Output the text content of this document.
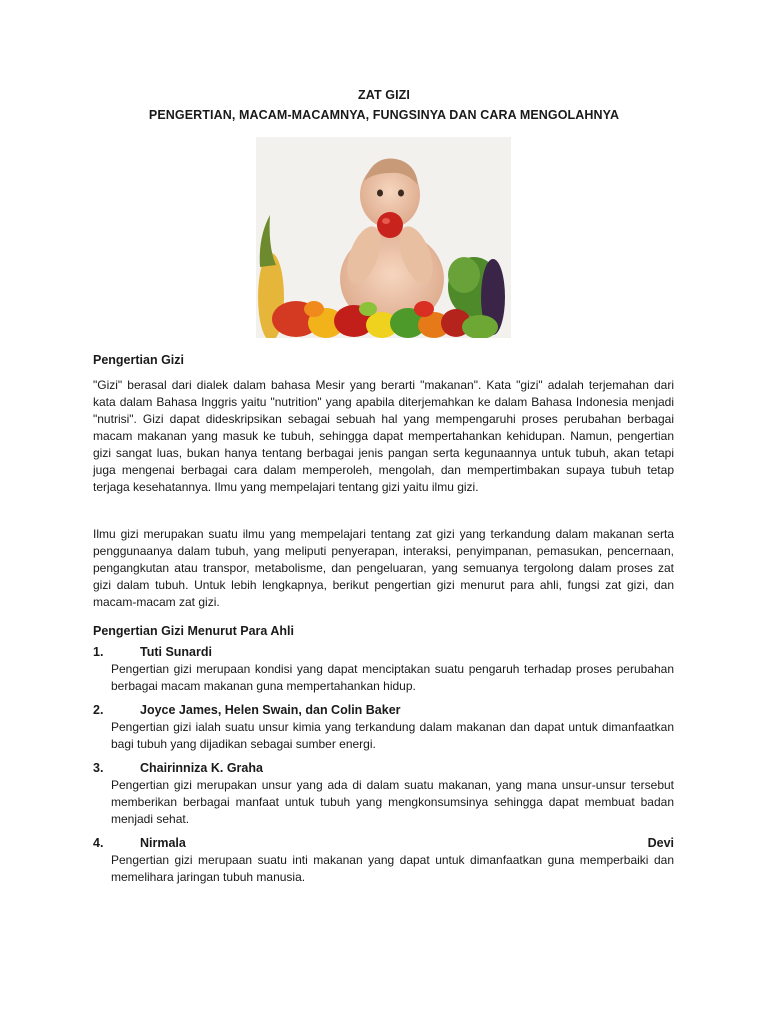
ZAT GIZI
PENGERTIAN, MACAM-MACAMNYA, FUNGSINYA DAN CARA MENGOLAHNYA
Pengertian Gizi

"Gizi" berasal dari dialek dalam bahasa Mesir yang berarti "makanan". Kata "gizi" adalah terjemahan dari kata dalam Bahasa Inggris yaitu "nutrition" yang apabila diterjemahkan ke dalam Bahasa Indonesia menjadi "nutrisi". Gizi dapat dideskripsikan sebagai sebuah hal yang mempengaruhi proses perubahan berbagai macam makanan yang masuk ke tubuh, sehingga dapat mempertahankan kehidupan. Namun, pengertian gizi sangat luas, bukan hanya tentang berbagai jenis pangan serta kegunaannya untuk tubuh, akan tetapi juga mengenai berbagai cara dalam memperoleh, mengolah, dan mempertimbakan supaya tubuh tetap terjaga kesehatannya. Ilmu yang mempelajari tentang gizi yaitu ilmu gizi.

Ilmu gizi merupakan suatu ilmu yang mempelajari tentang zat gizi yang terkandung dalam makanan serta penggunaanya dalam tubuh, yang meliputi penyerapan, interaksi, penyimpanan, pemasukan, pencernaan, pengangkutan atau transpor, metabolisme, dan pengeluaran, yang semuanya tergolong dalam proses zat gizi dalam tubuh. Untuk lebih lengkapnya, berikut pengertian gizi menurut para ahli, fungsi zat gizi, dan macam-macam zat gizi.

Pengertian Gizi Menurut Para Ahli
1.	Tuti Sunardi
Pengertian gizi merupaan kondisi yang dapat menciptakan suatu pengaruh terhadap proses perubahan berbagai macam makanan guna mempertahankan hidup.
2.	Joyce James, Helen Swain, dan Colin Baker
Pengertian gizi ialah suatu unsur kimia yang terkandung dalam makanan dan dapat untuk dimanfaatkan bagi tubuh yang dijadikan sebagai sumber energi.
3.	Chairinniza K. Graha
Pengertian gizi merupakan unsur yang ada di dalam suatu makanan, yang mana unsur-unsur tersebut memberikan berbagai manfaat untuk tubuh yang mengkonsumsinya sehingga dapat membuat badan menjadi sehat.
4.	Nirmala	Devi
Pengertian gizi merupaan suatu inti makanan yang dapat untuk dimanfaatkan guna memperbaiki dan memelihara jaringan tubuh manusia.
